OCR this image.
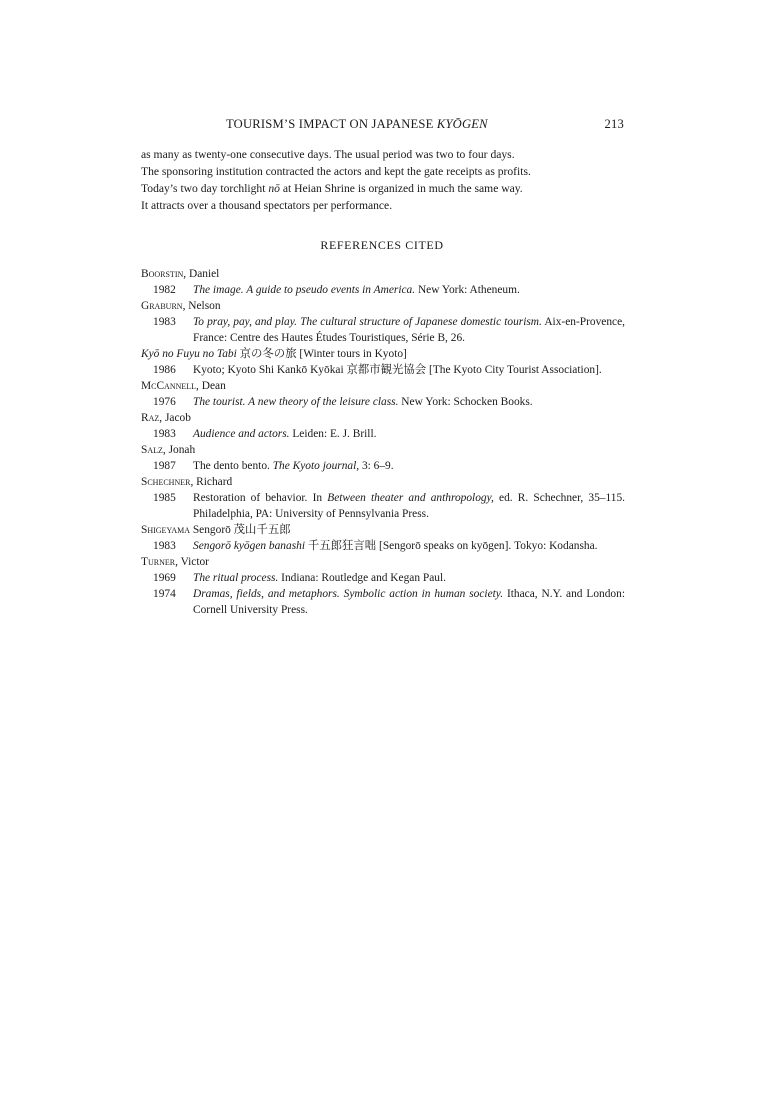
TOURISM’S IMPACT ON JAPANESE KYŌGEN	213

as many as twenty-one consecutive days. The usual period was two to four days.

The sponsoring institution contracted the actors and kept the gate receipts as profits.

Today’s two day torchlight nō at Heian Shrine is organized in much the same way.

It attracts over a thousand spectators per performance.

REFERENCES CITED
Boorstin, Daniel
1982 The image. A guide to pseudo events in America. New York: Atheneum.
Graburn, Nelson
1983 To pray, pay, and play. The cultural structure of Japanese domestic tourism. Aix-en-Provence, France: Centre des Hautes Études Touristiques, Série B, 26.
Kyō no Fuyu no Tabi 京の冬の旅 [Winter tours in Kyoto]
1986 Kyoto; Kyoto Shi Kankō Kyōkai 京都市観光協会 [The Kyoto City Tourist Association].
McCannell, Dean
1976 The tourist. A new theory of the leisure class. New York: Schocken Books.
Raz, Jacob
1983 Audience and actors. Leiden: E. J. Brill.
Salz, Jonah
1987 The dento bento. The Kyoto journal, 3: 6–9.
Schechner, Richard
1985 Restoration of behavior. In Between theater and anthropology, ed. R. Schechner, 35–115. Philadelphia, PA: University of Pennsylvania Press.
Shigeyama Sengorō 茂山千五郎
1983 Sengorō kyōgen banashi 千五郎狂言咄 [Sengorō speaks on kyōgen]. Tokyo: Kodansha.
Turner, Victor
1969 The ritual process. Indiana: Routledge and Kegan Paul.
1974 Dramas, fields, and metaphors. Symbolic action in human society. Ithaca, N.Y. and London: Cornell University Press.
